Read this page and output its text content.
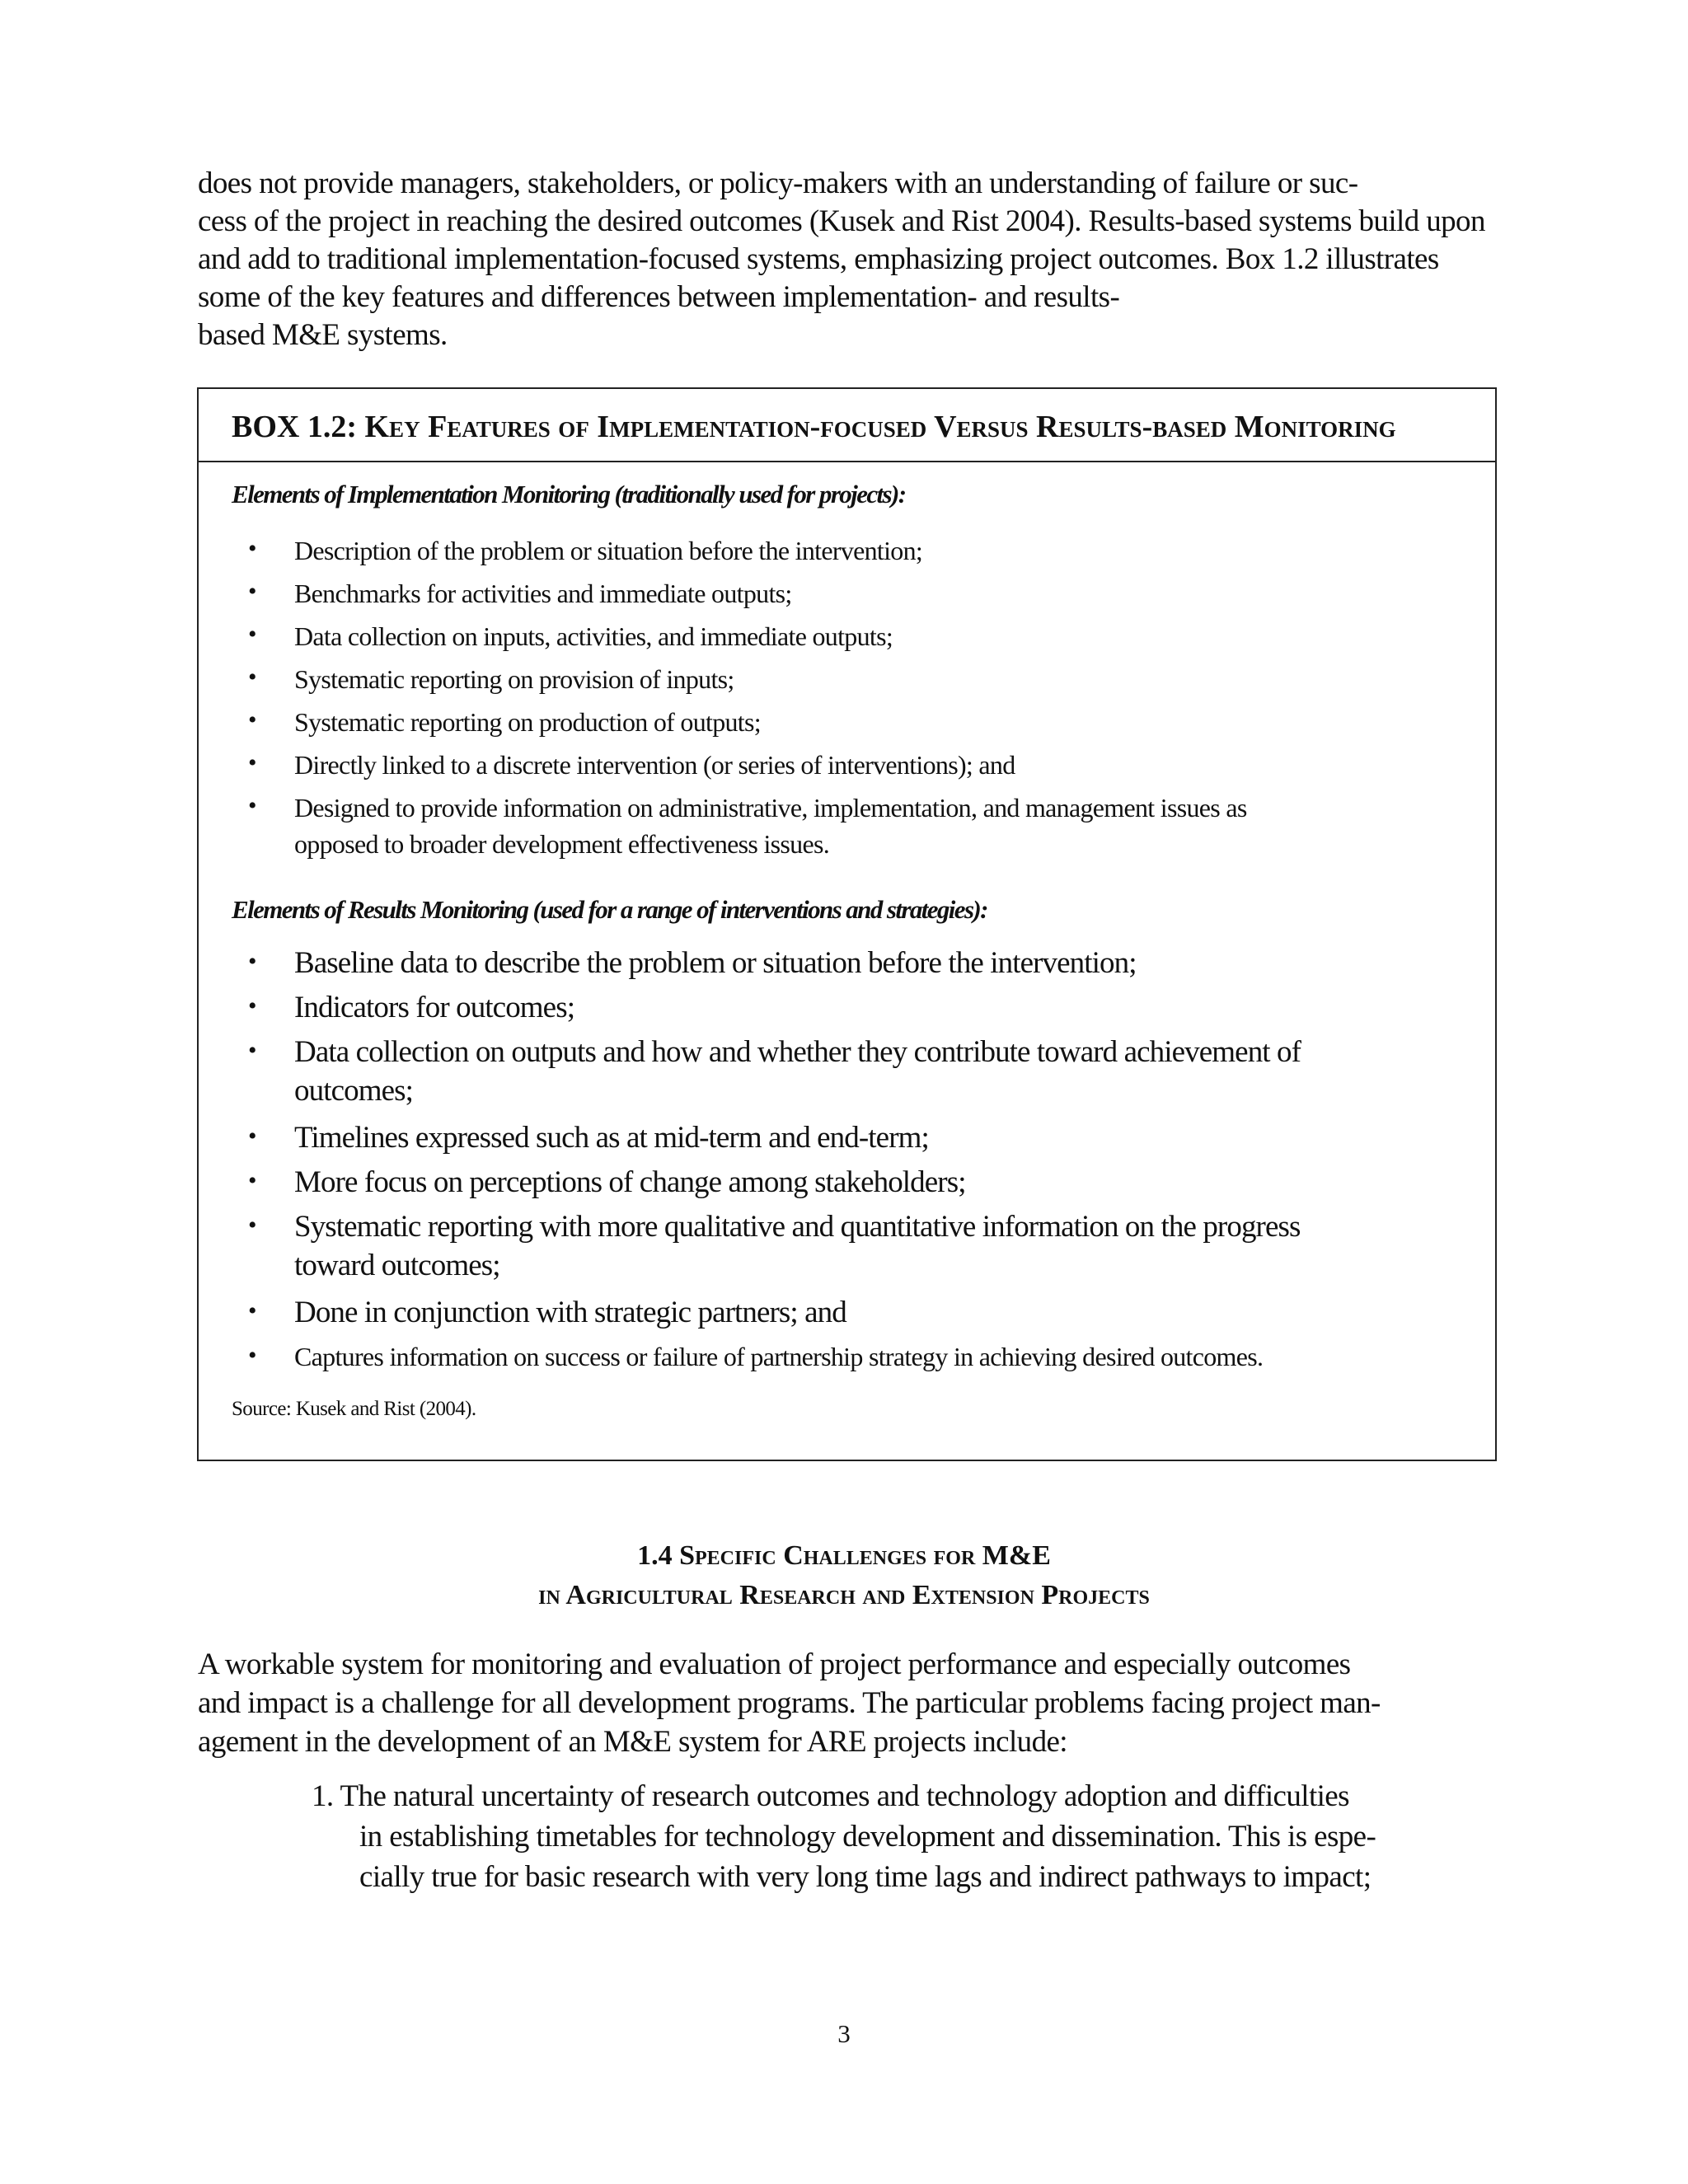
does not provide managers, stakeholders, or policy-makers with an understanding of failure or suc-
cess of the project in reaching the desired outcomes (Kusek and Rist 2004). Results-based systems build upon
and add to traditional implementation-focused systems, emphasizing project outcomes. Box 1.2 illustrates
some of the key features and differences between implementation- and results-
based M&E systems.
BOX 1.2: Key Features of Implementation-focused Versus Results-based Monitoring
Elements of Implementation Monitoring (traditionally used for projects):
• Description of the problem or situation before the intervention;
• Benchmarks for activities and immediate outputs;
• Data collection on inputs, activities, and immediate outputs;
• Systematic reporting on provision of inputs;
• Systematic reporting on production of outputs;
• Directly linked to a discrete intervention (or series of interventions); and
• Designed to provide information on administrative, implementation, and management issues as
opposed to broader development effectiveness issues.
Elements of Results Monitoring (used for a range of interventions and strategies):
• Baseline data to describe the problem or situation before the intervention;
• Indicators for outcomes;
• Data collection on outputs and how and whether they contribute toward achievement of
outcomes;
• Timelines expressed such as at mid-term and end-term;
• More focus on perceptions of change among stakeholders;
• Systematic reporting with more qualitative and quantitative information on the progress
toward outcomes;
• Done in conjunction with strategic partners; and
• Captures information on success or failure of partnership strategy in achieving desired outcomes.
Source: Kusek and Rist (2004).
1.4 Specific Challenges for M&E
in Agricultural Research and Extension Projects
A workable system for monitoring and evaluation of project performance and especially outcomes
and impact is a challenge for all development programs. The particular problems facing project man-
agement in the development of an M&E system for ARE projects include:
1. The natural uncertainty of research outcomes and technology adoption and difficulties
in establishing timetables for technology development and dissemination. This is espe-
cially true for basic research with very long time lags and indirect pathways to impact;
3
